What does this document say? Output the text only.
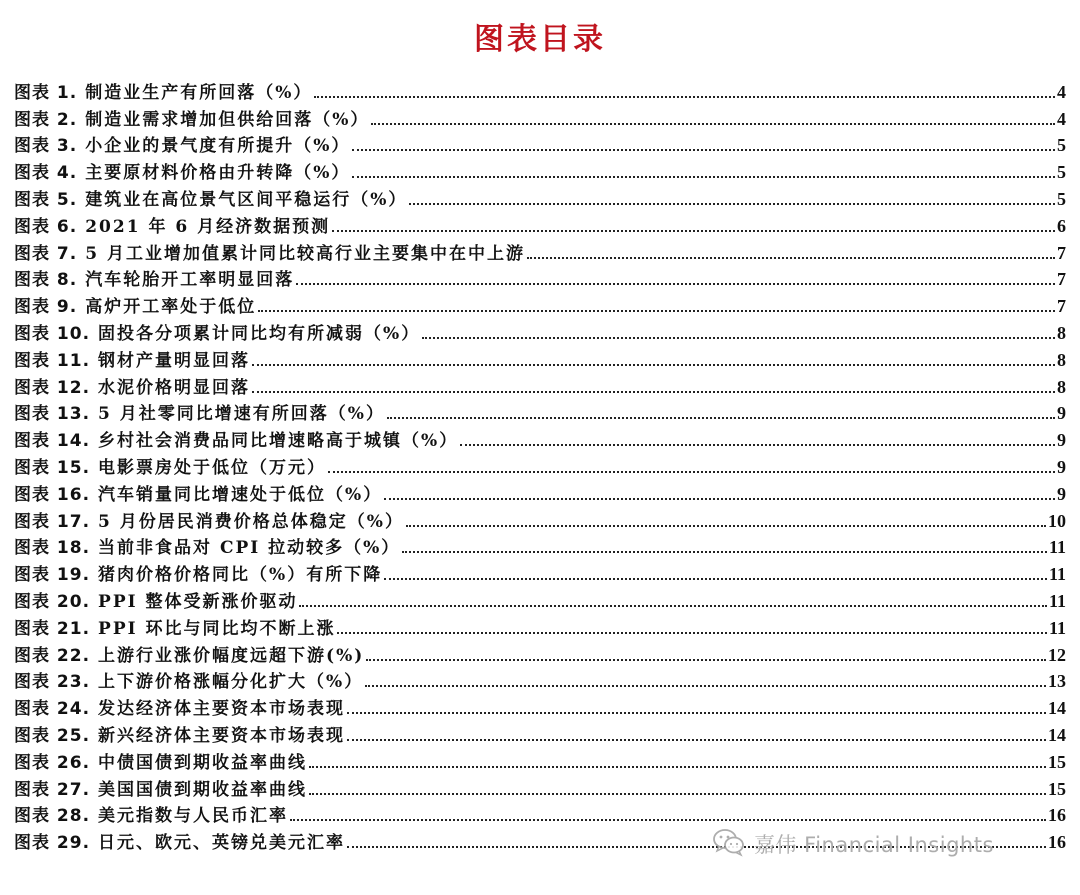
图表目录
图表 1. 制造业生产有所回落（%）	4
图表 2. 制造业需求增加但供给回落（%）	4
图表 3. 小企业的景气度有所提升（%）	5
图表 4. 主要原材料价格由升转降（%）	5
图表 5. 建筑业在高位景气区间平稳运行（%）	5
图表 6. 2021 年 6 月经济数据预测	6
图表 7. 5 月工业增加值累计同比较高行业主要集中在中上游	7
图表 8. 汽车轮胎开工率明显回落	7
图表 9. 高炉开工率处于低位	7
图表 10. 固投各分项累计同比均有所减弱（%）	8
图表 11. 钢材产量明显回落	8
图表 12. 水泥价格明显回落	8
图表 13. 5 月社零同比增速有所回落（%）	9
图表 14. 乡村社会消费品同比增速略高于城镇（%）	9
图表 15. 电影票房处于低位（万元）	9
图表 16. 汽车销量同比增速处于低位（%）	9
图表 17. 5 月份居民消费价格总体稳定（%）	10
图表 18. 当前非食品对 CPI 拉动较多（%）	11
图表 19. 猪肉价格价格同比（%）有所下降	11
图表 20. PPI 整体受新涨价驱动	11
图表 21. PPI 环比与同比均不断上涨	11
图表 22. 上游行业涨价幅度远超下游(%)	12
图表 23. 上下游价格涨幅分化扩大（%）	13
图表 24. 发达经济体主要资本市场表现	14
图表 25. 新兴经济体主要资本市场表现	14
图表 26. 中债国债到期收益率曲线	15
图表 27. 美国国债到期收益率曲线	15
图表 28. 美元指数与人民币汇率	16
图表 29. 日元、欧元、英镑兑美元汇率	16
嘉伟 Financial Insights
